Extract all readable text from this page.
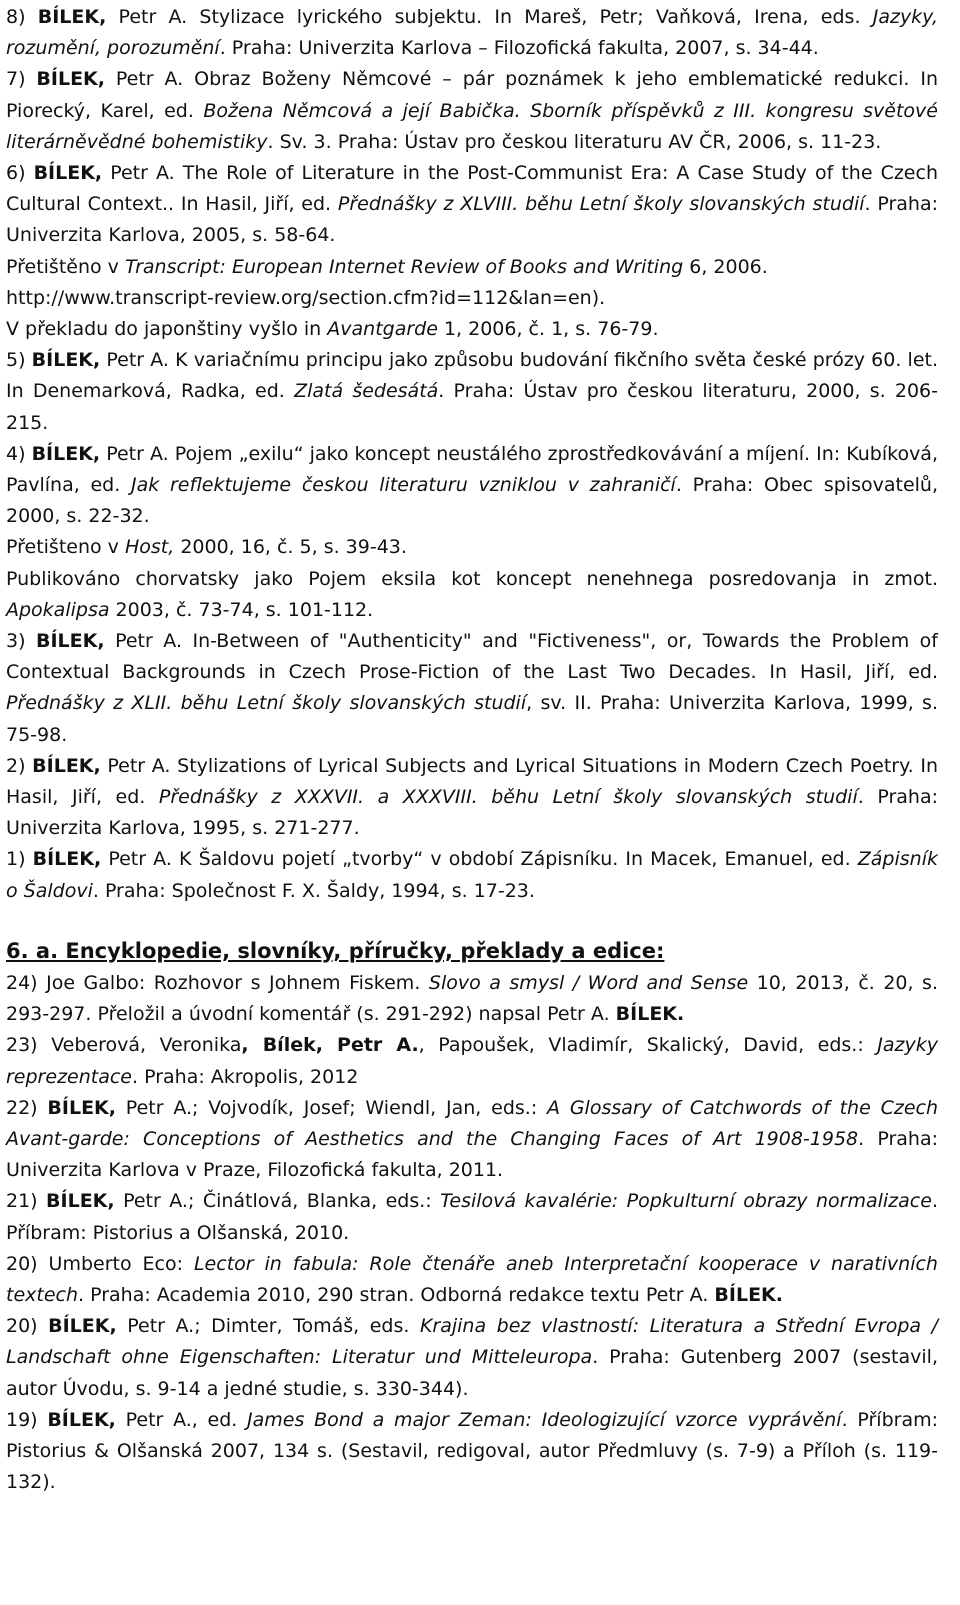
8) BÍLEK, Petr A. Stylizace lyrického subjektu. In Mareš, Petr; Vaňková, Irena, eds. Jazyky, rozumění, porozumění. Praha: Univerzita Karlova – Filozofická fakulta, 2007, s. 34-44.

7) BÍLEK, Petr A. Obraz Boženy Němcové – pár poznámek k jeho emblematické redukci. In Piorecký, Karel, ed. Božena Němcová a její Babička. Sborník příspěvků z III. kongresu světové literárněvědné bohemistiky. Sv. 3. Praha: Ústav pro českou literaturu AV ČR, 2006, s. 11-23.

6) BÍLEK, Petr A. The Role of Literature in the Post-Communist Era: A Case Study of the Czech Cultural Context.. In Hasil, Jiří, ed. Přednášky z XLVIII. běhu Letní školy slovanských studií. Praha: Univerzita Karlova, 2005, s. 58-64.

Přetištěno v Transcript: European Internet Review of Books and Writing 6, 2006. http://www.transcript-review.org/section.cfm?id=112&lan=en).

V překladu do japonštiny vyšlo in Avantgarde 1, 2006, č. 1, s. 76-79.

5) BÍLEK, Petr A. K variačnímu principu jako způsobu budování fikčního světa české prózy 60. let. In Denemarková, Radka, ed. Zlatá šedesátá. Praha: Ústav pro českou literaturu, 2000, s. 206-215.

4) BÍLEK, Petr A. Pojem „exilu“ jako koncept neustálého zprostředkovávání a míjení. In: Kubíková, Pavlína, ed. Jak reflektujeme českou literaturu vzniklou v zahraničí. Praha: Obec spisovatelů, 2000, s. 22-32.

Přetišteno v Host, 2000, 16, č. 5, s. 39-43.

Publikováno chorvatsky jako Pojem eksila kot koncept nenehnega posredovanja in zmot. Apokalipsa 2003, č. 73-74, s. 101-112.

3) BÍLEK, Petr A. In-Between of "Authenticity" and "Fictiveness", or, Towards the Problem of Contextual Backgrounds in Czech Prose-Fiction of the Last Two Decades. In Hasil, Jiří, ed. Přednášky z XLII. běhu Letní školy slovanských studií, sv. II. Praha: Univerzita Karlova, 1999, s. 75-98.

2) BÍLEK, Petr A. Stylizations of Lyrical Subjects and Lyrical Situations in Modern Czech Poetry. In Hasil, Jiří, ed. Přednášky z XXXVII. a XXXVIII. běhu Letní školy slovanských studií. Praha: Univerzita Karlova, 1995, s. 271-277.

1) BÍLEK, Petr A. K Šaldovu pojetí „tvorby“ v období Zápisníku. In Macek, Emanuel, ed. Zápisník o Šaldovi. Praha: Společnost F. X. Šaldy, 1994, s. 17-23.

6. a. Encyklopedie, slovníky, příručky, překlady a edice:

24) Joe Galbo: Rozhovor s Johnem Fiskem. Slovo a smysl / Word and Sense 10, 2013, č. 20, s. 293-297. Přeložil a úvodní komentář (s. 291-292) napsal Petr A. BÍLEK.

23) Veberová, Veronika, Bílek, Petr A., Papoušek, Vladimír, Skalický, David, eds.: Jazyky reprezentace. Praha: Akropolis, 2012

22) BÍLEK, Petr A.; Vojvodík, Josef; Wiendl, Jan, eds.: A Glossary of Catchwords of the Czech Avant-garde: Conceptions of Aesthetics and the Changing Faces of Art 1908-1958. Praha: Univerzita Karlova v Praze, Filozofická fakulta, 2011.

21) BÍLEK, Petr A.; Činátlová, Blanka, eds.: Tesilová kavalérie: Popkulturní obrazy normalizace. Příbram: Pistorius a Olšanská, 2010.

20) Umberto Eco: Lector in fabula: Role čtenáře aneb Interpretační kooperace v narativních textech. Praha: Academia 2010, 290 stran. Odborná redakce textu Petr A. BÍLEK.

20) BÍLEK, Petr A.; Dimter, Tomáš, eds. Krajina bez vlastností: Literatura a Střední Evropa / Landschaft ohne Eigenschaften: Literatur und Mitteleuropa. Praha: Gutenberg 2007 (sestavil, autor Úvodu, s. 9-14 a jedné studie, s. 330-344).

19) BÍLEK, Petr A., ed. James Bond a major Zeman: Ideologizující vzorce vyprávění. Příbram: Pistorius & Olšanská 2007, 134 s. (Sestavil, redigoval, autor Předmluvy (s. 7-9) a Příloh (s. 119-132).
